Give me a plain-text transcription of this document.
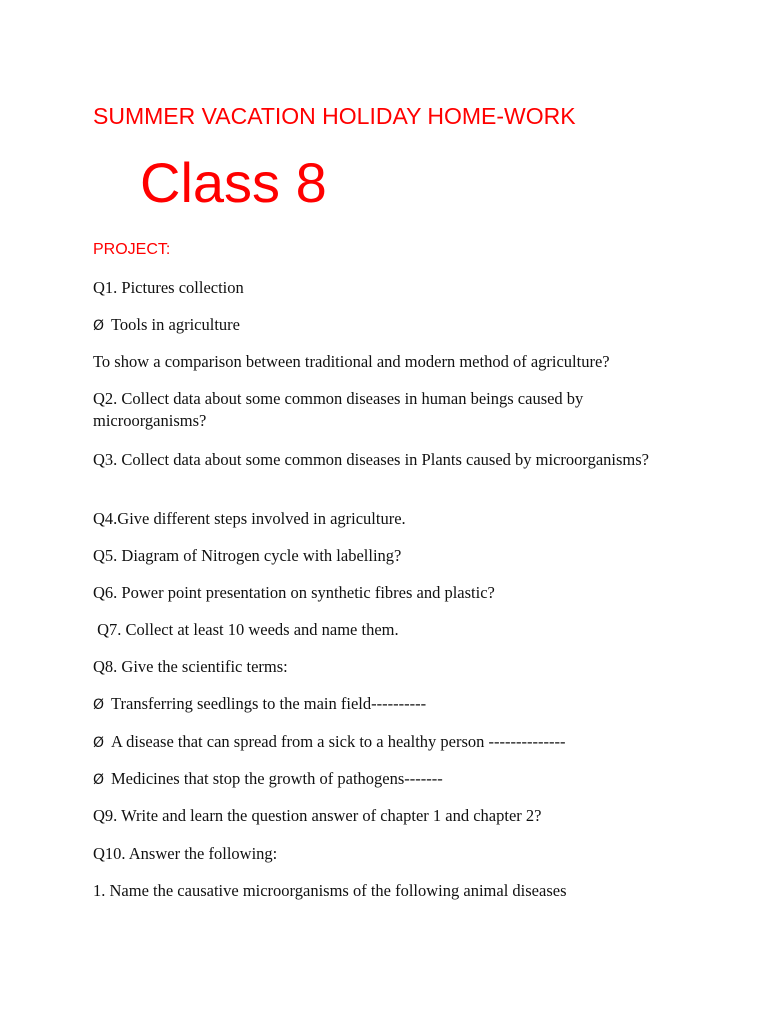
SUMMER VACATION HOLIDAY HOME-WORK
Class 8
PROJECT:
Q1. Pictures collection
Ø Tools in agriculture
To show a comparison between traditional and modern method of agriculture?
Q2. Collect data about some common diseases in human beings caused by microorganisms?
Q3. Collect data about some common diseases in Plants caused by microorganisms?
Q4.Give different steps involved in agriculture.
Q5. Diagram of Nitrogen cycle with labelling?
Q6. Power point presentation on synthetic fibres and plastic?
Q7. Collect at least 10 weeds and name them.
Q8. Give the scientific terms:
Ø Transferring seedlings to the main field----------
Ø A disease that can spread from a sick to a healthy person --------------
Ø Medicines that stop the growth of pathogens-------
Q9. Write and learn the question answer of chapter 1 and chapter 2?
Q10. Answer the following:
1. Name the causative microorganisms of the following animal diseases
